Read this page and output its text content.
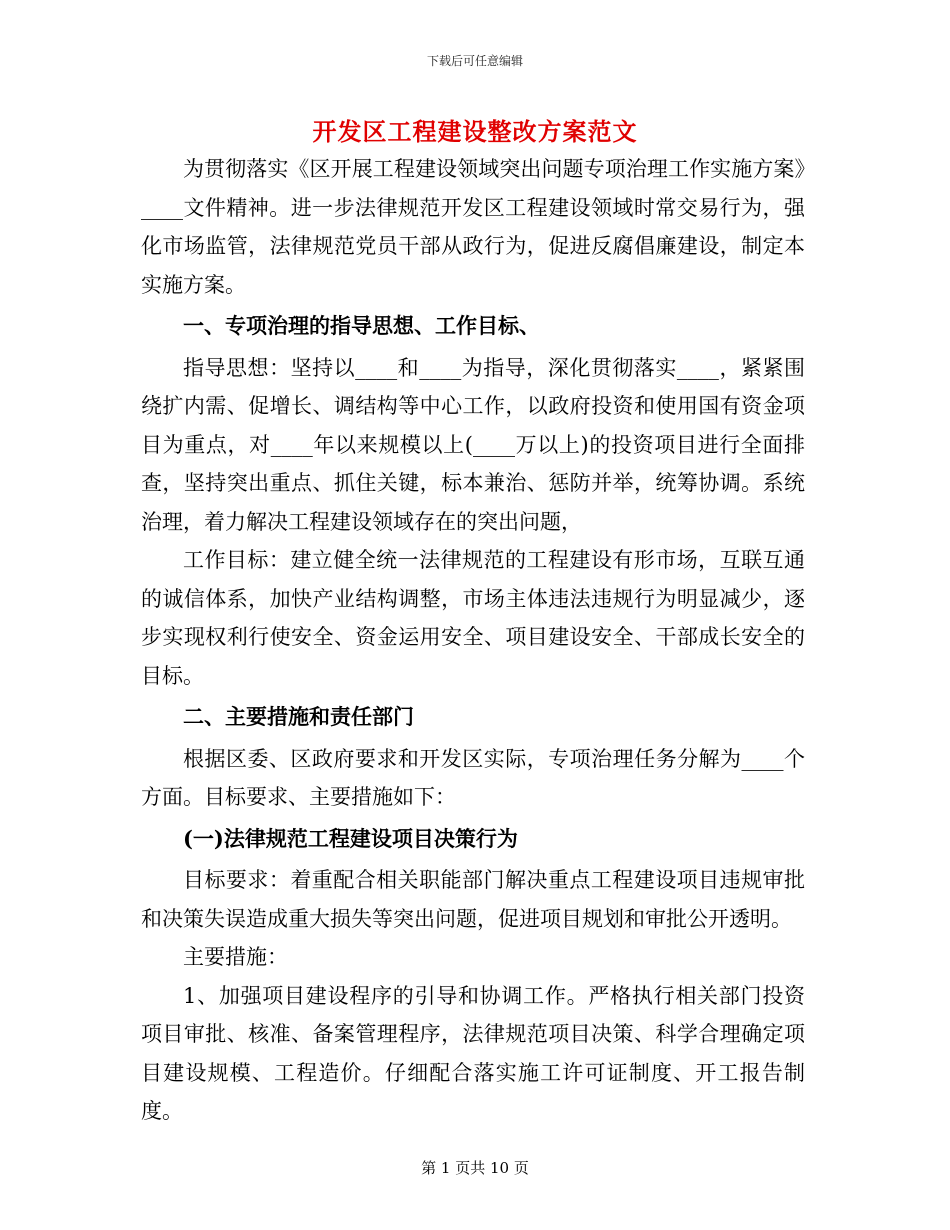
下载后可任意编辑
开发区工程建设整改方案范文

为贯彻落实《区开展工程建设领域突出问题专项治理工作实施方案》____文件精神。进一步法律规范开发区工程建设领域时常交易行为，强化市场监管，法律规范党员干部从政行为，促进反腐倡廉建设，制定本实施方案。

一、专项治理的指导思想、工作目标、

指导思想：坚持以____和____为指导，深化贯彻落实____，紧紧围绕扩内需、促增长、调结构等中心工作，以政府投资和使用国有资金项目为重点，对____年以来规模以上(____万以上)的投资项目进行全面排查，坚持突出重点、抓住关键，标本兼治、惩防并举，统筹协调。系统治理，着力解决工程建设领域存在的突出问题，

工作目标：建立健全统一法律规范的工程建设有形市场，互联互通的诚信体系，加快产业结构调整，市场主体违法违规行为明显减少，逐步实现权利行使安全、资金运用安全、项目建设安全、干部成长安全的目标。

二、主要措施和责任部门

根据区委、区政府要求和开发区实际，专项治理任务分解为____个方面。目标要求、主要措施如下：

(一)法律规范工程建设项目决策行为

目标要求：着重配合相关职能部门解决重点工程建设项目违规审批和决策失误造成重大损失等突出问题，促进项目规划和审批公开透明。

主要措施：

1、加强项目建设程序的引导和协调工作。严格执行相关部门投资项目审批、核准、备案管理程序，法律规范项目决策、科学合理确定项目建设规模、工程造价。仔细配合落实施工许可证制度、开工报告制度。

第 1 页共 10 页
